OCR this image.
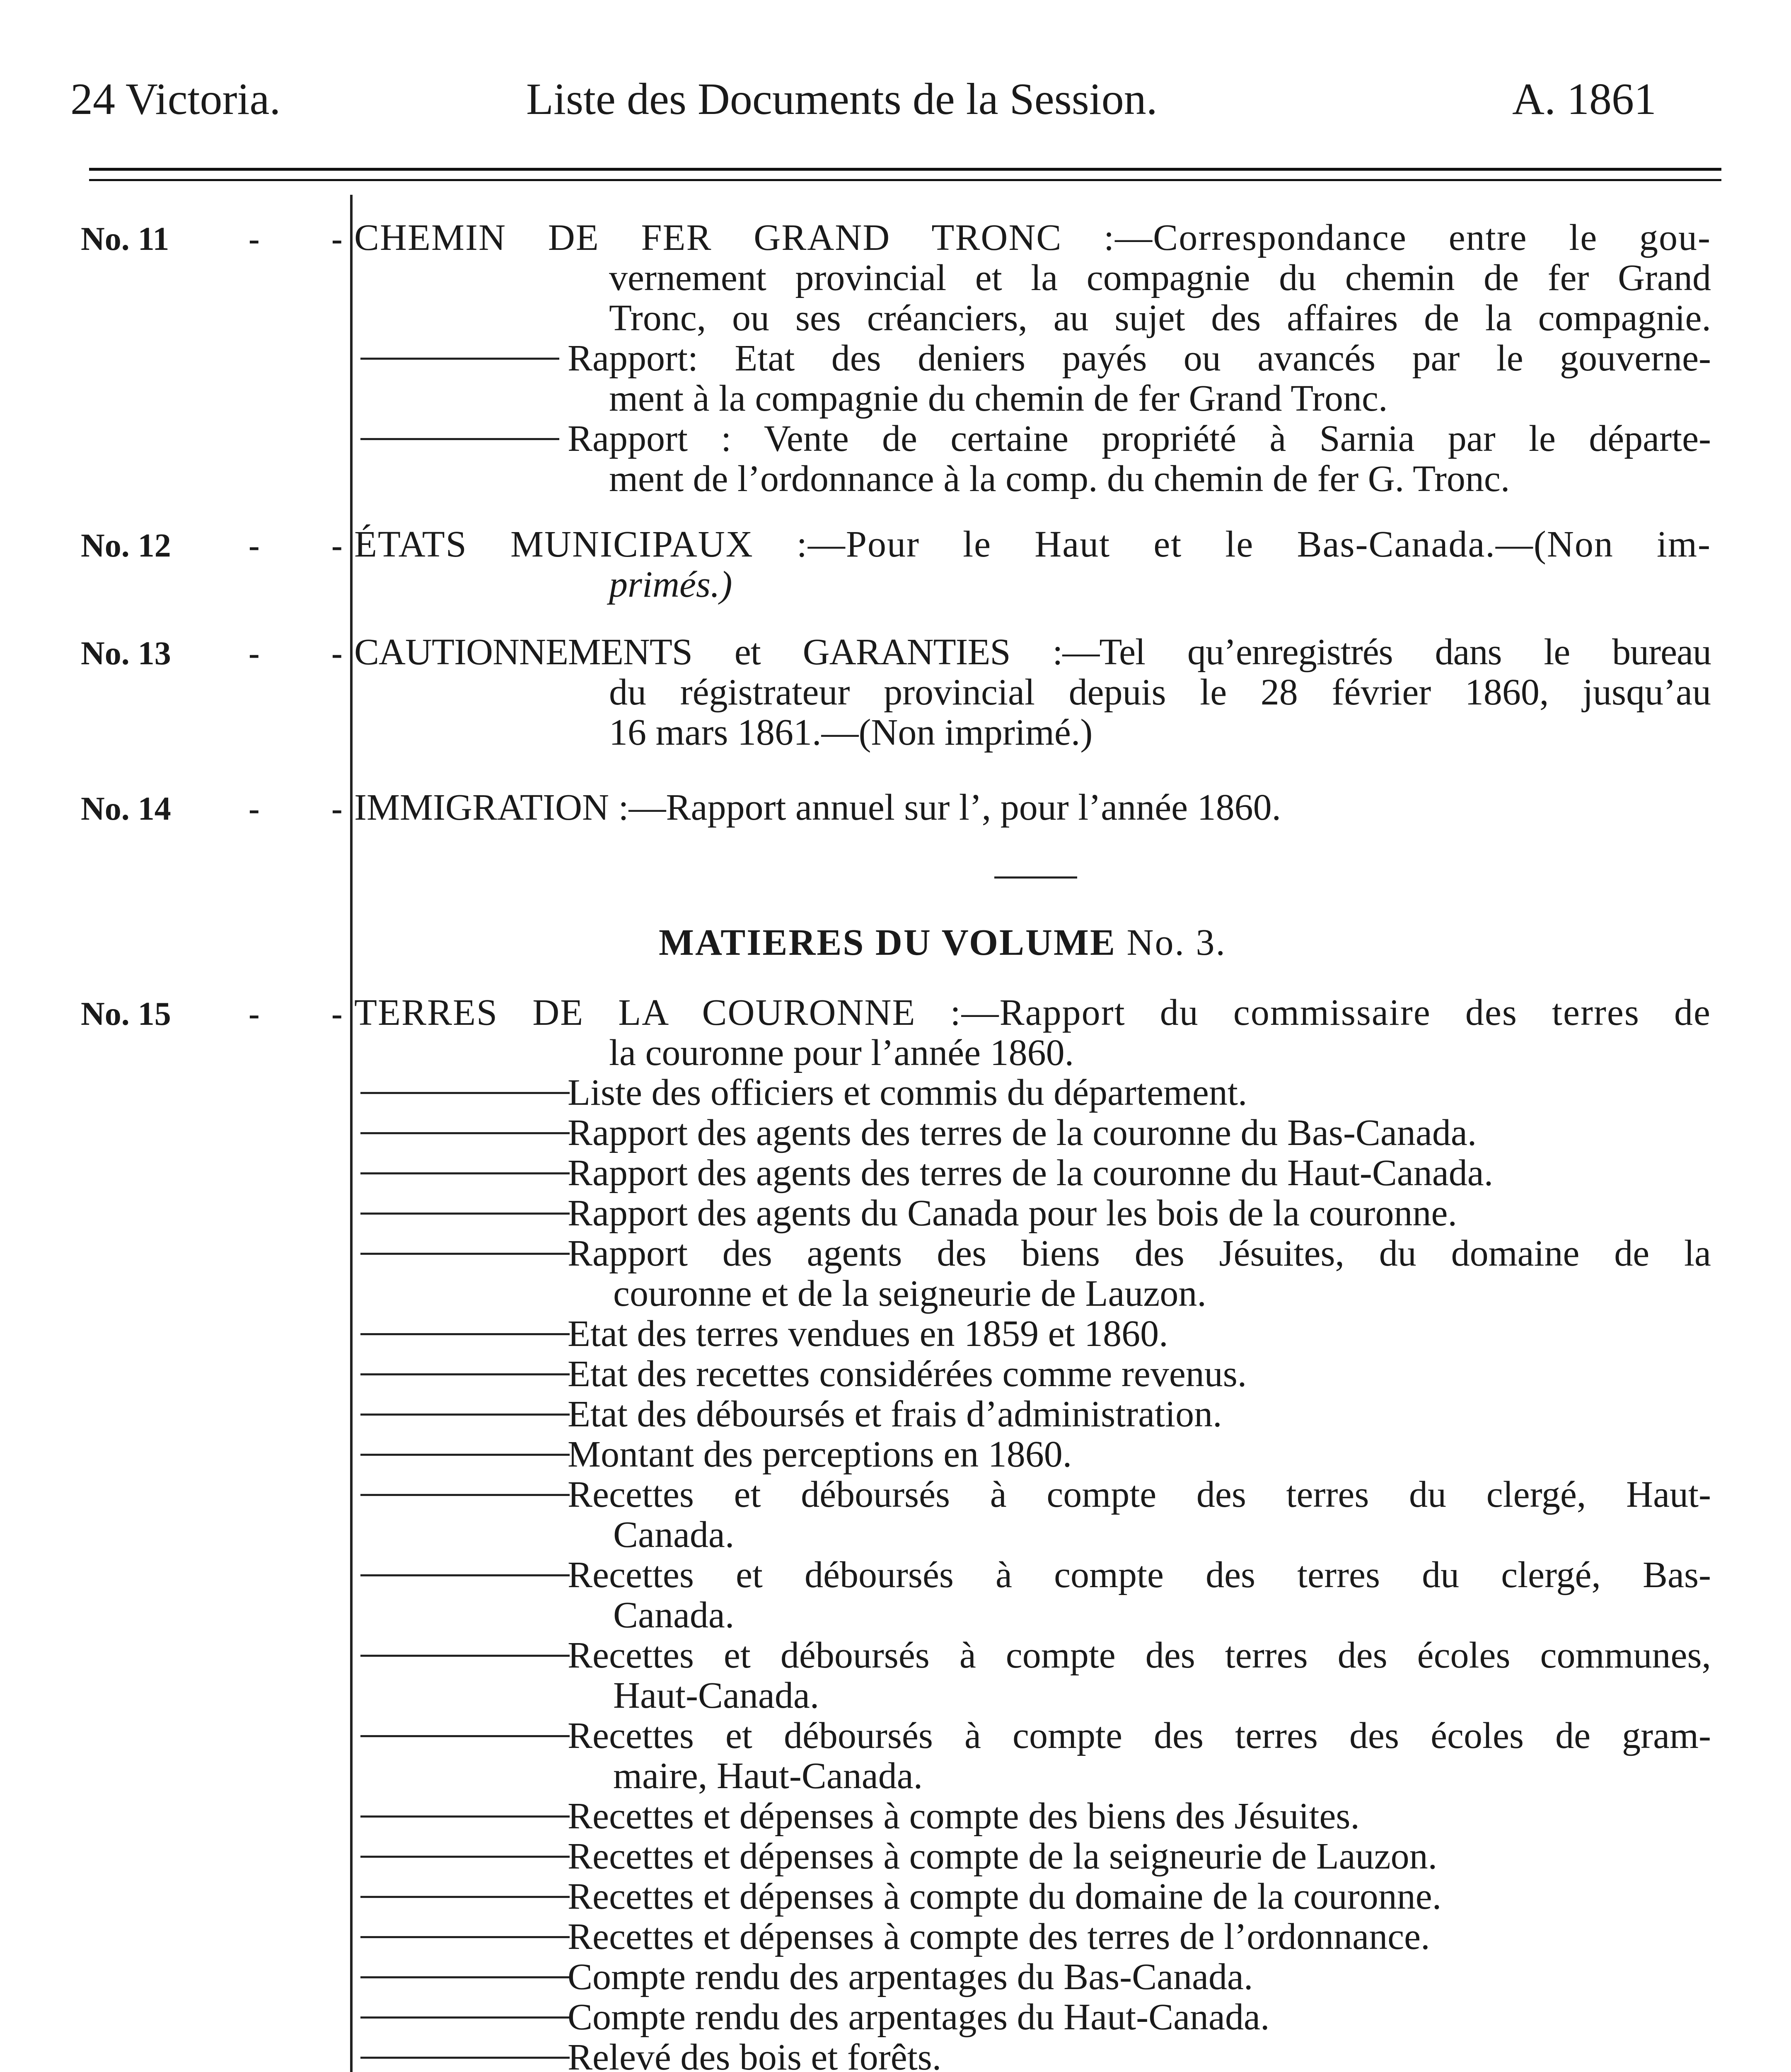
24 Victoria.	Liste des Documents de la Session.	A. 1861
No. 11 - - CHEMIN DE FER GRAND TRONC :—Correspondance entre le gou-
vernement provincial et la compagnie du chemin de fer Grand
Tronc, ou ses créanciers, au sujet des affaires de la compagnie.
Rapport: Etat des deniers payés ou avancés par le gouverne-
ment à la compagnie du chemin de fer Grand Tronc.
Rapport : Vente de certaine propriété à Sarnia par le départe-
ment de l’ordonnance à la comp. du chemin de fer G. Tronc.
No. 12 - - ÉTATS MUNICIPAUX :—Pour le Haut et le Bas-Canada.—(Non im-
primés.)
No. 13 - - CAUTIONNEMENTS et GARANTIES :—Tel qu’enregistrés dans le bureau
du régistrateur provincial depuis le 28 février 1860, jusqu’au
16 mars 1861.—(Non imprimé.)
No. 14 - - IMMIGRATION :—Rapport annuel sur l’, pour l’année 1860.
MATIERES DU VOLUME No. 3.
No. 15 - - TERRES DE LA COURONNE :—Rapport du commissaire des terres de
la couronne pour l’année 1860.
Liste des officiers et commis du département.
Rapport des agents des terres de la couronne du Bas-Canada.
Rapport des agents des terres de la couronne du Haut-Canada.
Rapport des agents du Canada pour les bois de la couronne.
Rapport des agents des biens des Jésuites, du domaine de la
couronne et de la seigneurie de Lauzon.
Etat des terres vendues en 1859 et 1860.
Etat des recettes considérées comme revenus.
Etat des déboursés et frais d’administration.
Montant des perceptions en 1860.
Recettes et déboursés à compte des terres du clergé, Haut-
Canada.
Recettes et déboursés à compte des terres du clergé, Bas-
Canada.
Recettes et déboursés à compte des terres des écoles communes,
Haut-Canada.
Recettes et déboursés à compte des terres des écoles de gram-
maire, Haut-Canada.
Recettes et dépenses à compte des biens des Jésuites.
Recettes et dépenses à compte de la seigneurie de Lauzon.
Recettes et dépenses à compte du domaine de la couronne.
Recettes et dépenses à compte des terres de l’ordonnance.
Compte rendu des arpentages du Bas-Canada.
Compte rendu des arpentages du Haut-Canada.
Relevé des bois et forêts.
